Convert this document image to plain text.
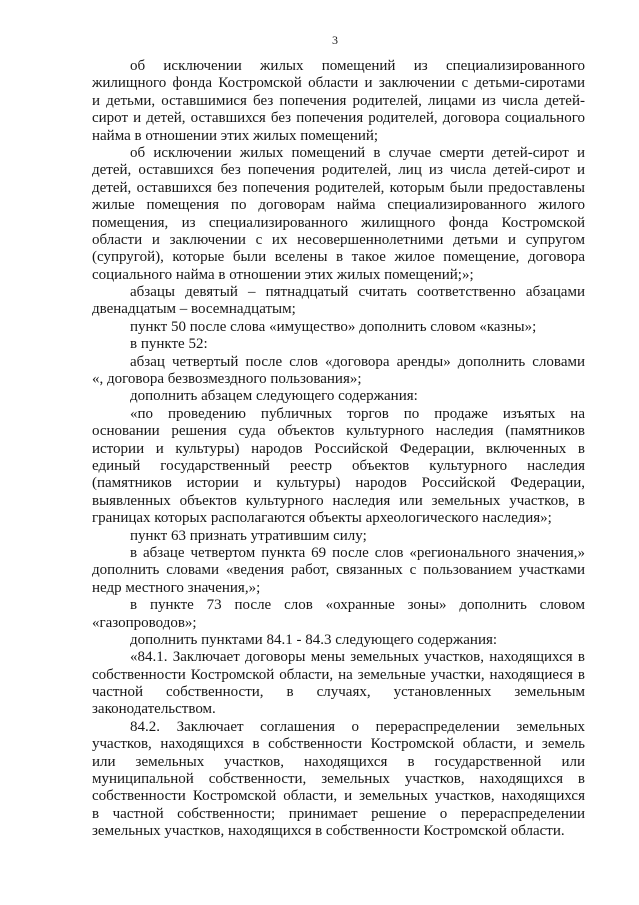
3
об исключении жилых помещений из специализированного
жилищного фонда Костромской области и заключении с детьми-сиротами
и детьми, оставшимися без попечения родителей, лицами из числа детей-
сирот и детей, оставшихся без попечения родителей, договора социального
найма в отношении этих жилых помещений;
об исключении жилых помещений в случае смерти детей-сирот и
детей, оставшихся без попечения родителей, лиц из числа детей-сирот и
детей, оставшихся без попечения родителей, которым были предоставлены
жилые помещения по договорам найма специализированного жилого
помещения, из специализированного жилищного фонда Костромской
области и заключении с их несовершеннолетними детьми и супругом
(супругой), которые были вселены в такое жилое помещение, договора
социального найма в отношении этих жилых помещений;»;
абзацы девятый – пятнадцатый считать соответственно абзацами
двенадцатым – восемнадцатым;
пункт 50 после слова «имущество» дополнить словом «казны»;
в пункте 52:
абзац четвертый после слов «договора аренды» дополнить словами
«, договора безвозмездного пользования»;
дополнить абзацем следующего содержания:
«по проведению публичных торгов по продаже изъятых на
основании решения суда объектов культурного наследия (памятников
истории и культуры) народов Российской Федерации, включенных в
единый государственный реестр объектов культурного наследия
(памятников истории и культуры) народов Российской Федерации,
выявленных объектов культурного наследия или земельных участков, в
границах которых располагаются объекты археологического наследия»;
пункт 63 признать утратившим силу;
в абзаце четвертом пункта 69 после слов «регионального значения,»
дополнить словами «ведения работ, связанных с пользованием участками
недр местного значения,»;
в пункте 73 после слов «охранные зоны» дополнить словом
«газопроводов»;
дополнить пунктами 84.1 - 84.3 следующего содержания:
«84.1. Заключает договоры мены земельных участков, находящихся в
собственности Костромской области, на земельные участки, находящиеся в
частной собственности, в случаях, установленных земельным
законодательством.
84.2. Заключает соглашения о перераспределении земельных
участков, находящихся в собственности Костромской области, и земель
или земельных участков, находящихся в государственной или
муниципальной собственности, земельных участков, находящихся в
собственности Костромской области, и земельных участков, находящихся
в частной собственности; принимает решение о перераспределении
земельных участков, находящихся в собственности Костромской области.
